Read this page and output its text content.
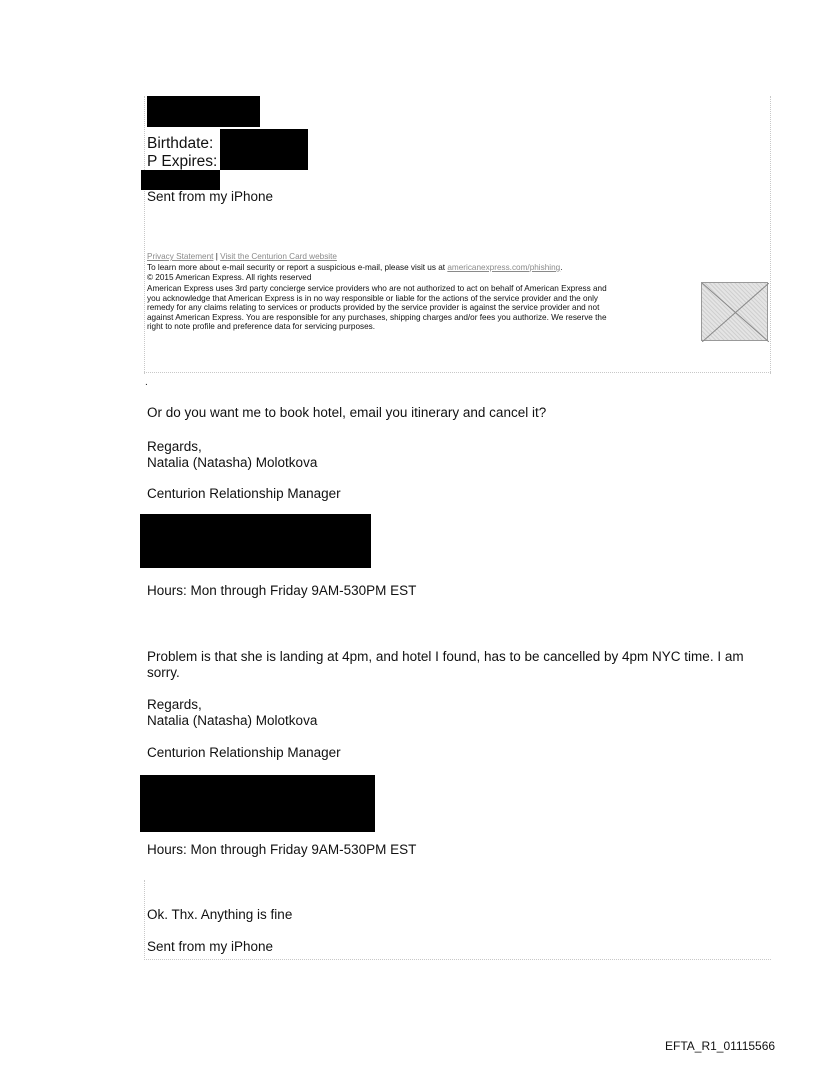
Birthdate:
P Expires:
Sent from my iPhone
Privacy Statement | Visit the Centurion Card website
To learn more about e-mail security or report a suspicious e-mail, please visit us at americanexpress.com/phishing.
© 2015 American Express. All rights reserved
American Express uses 3rd party concierge service providers who are not authorized to act on behalf of American Express and
you acknowledge that American Express is in no way responsible or liable for the actions of the service provider and the only
remedy for any claims relating to services or products provided by the service provider is against the service provider and not
against American Express. You are responsible for any purchases, shipping charges and/or fees you authorize. We reserve the
right to note profile and preference data for servicing purposes.
.
Or do you want me to book hotel, email you itinerary and cancel it?
Regards,
Natalia (Natasha) Molotkova
Centurion Relationship Manager
Hours: Mon through Friday 9AM-530PM EST
Problem is that she is landing at 4pm, and hotel I found, has to be cancelled by 4pm NYC time. I am
sorry.
Regards,
Natalia (Natasha) Molotkova
Centurion Relationship Manager
Hours: Mon through Friday 9AM-530PM EST
Ok. Thx. Anything is fine
Sent from my iPhone
EFTA_R1_01115566
